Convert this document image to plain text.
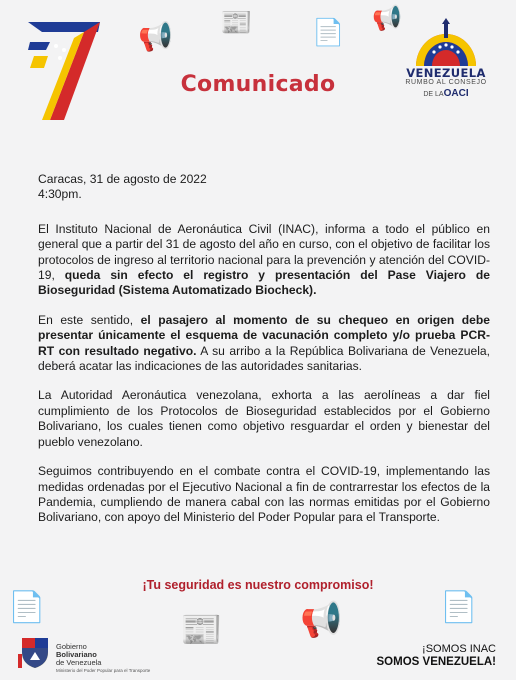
📢 📰 📄 📢
📄
📰 📢	📄
Comunicado	VENEZUELA
RUMBO AL CONSEJO
DE LAOACI

Caracas, 31 de agosto de 2022

4:30pm.

El Instituto Nacional de Aeronáutica Civil (INAC), informa a todo el público en general que a partir del 31 de agosto del año en curso, con el objetivo de facilitar los protocolos de ingreso al territorio nacional para la prevención y atención del COVID-19, queda sin efecto el registro y presentación del Pase Viajero de Bioseguridad (Sistema Automatizado Biocheck).

En este sentido, el pasajero al momento de su chequeo en origen debe presentar únicamente el esquema de vacunación completo y/o prueba PCR-RT con resultado negativo. A su arribo a la República Bolivariana de Venezuela, deberá acatar las indicaciones de las autoridades sanitarias.

La Autoridad Aeronáutica venezolana, exhorta a las aerolíneas a dar fiel cumplimiento de los Protocolos de Bioseguridad establecidos por el Gobierno Bolivariano, los cuales tienen como objetivo resguardar el orden y bienestar del pueblo venezolano.

Seguimos contribuyendo en el combate contra el COVID-19, implementando las medidas ordenadas por el Ejecutivo Nacional a fin de contrarrestar los efectos de la Pandemia, cumpliendo de manera cabal con las normas emitidas por el Gobierno Bolivariano, con apoyo del Ministerio del Poder Popular para el Transporte.

¡Tu seguridad es nuestro compromiso!
Gobierno
Bolivariano
de Venezuela
Ministerio del Poder Popular para el Transporte
¡SOMOS INAC
SOMOS VENEZUELA!
